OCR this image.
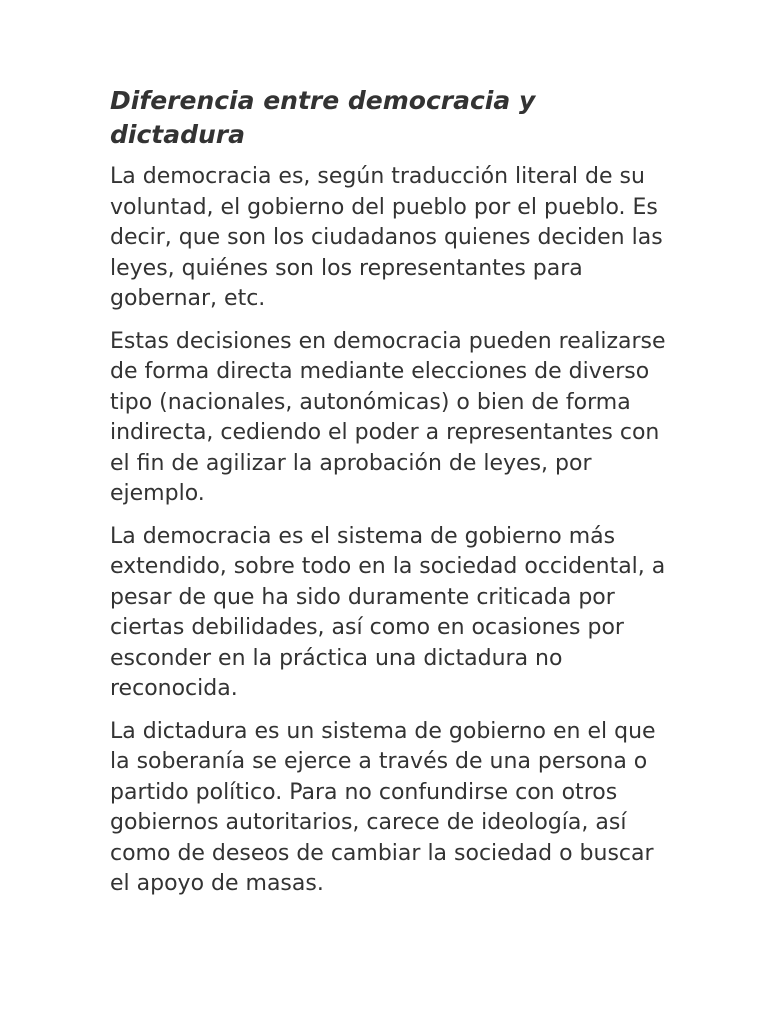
Diferencia entre democracia y dictadura

La democracia es, según traducción literal de su voluntad, el gobierno del pueblo por el pueblo. Es decir, que son los ciudadanos quienes deciden las leyes, quiénes son los representantes para gobernar, etc.

Estas decisiones en democracia pueden realizarse de forma directa mediante elecciones de diverso tipo (nacionales, autonómicas) o bien de forma indirecta, cediendo el poder a representantes con el fin de agilizar la aprobación de leyes, por ejemplo.

La democracia es el sistema de gobierno más extendido, sobre todo en la sociedad occidental, a pesar de que ha sido duramente criticada por ciertas debilidades, así como en ocasiones por esconder en la práctica una dictadura no reconocida.

La dictadura es un sistema de gobierno en el que la soberanía se ejerce a través de una persona o partido político. Para no confundirse con otros gobiernos autoritarios, carece de ideología, así como de deseos de cambiar la sociedad o buscar el apoyo de masas.
